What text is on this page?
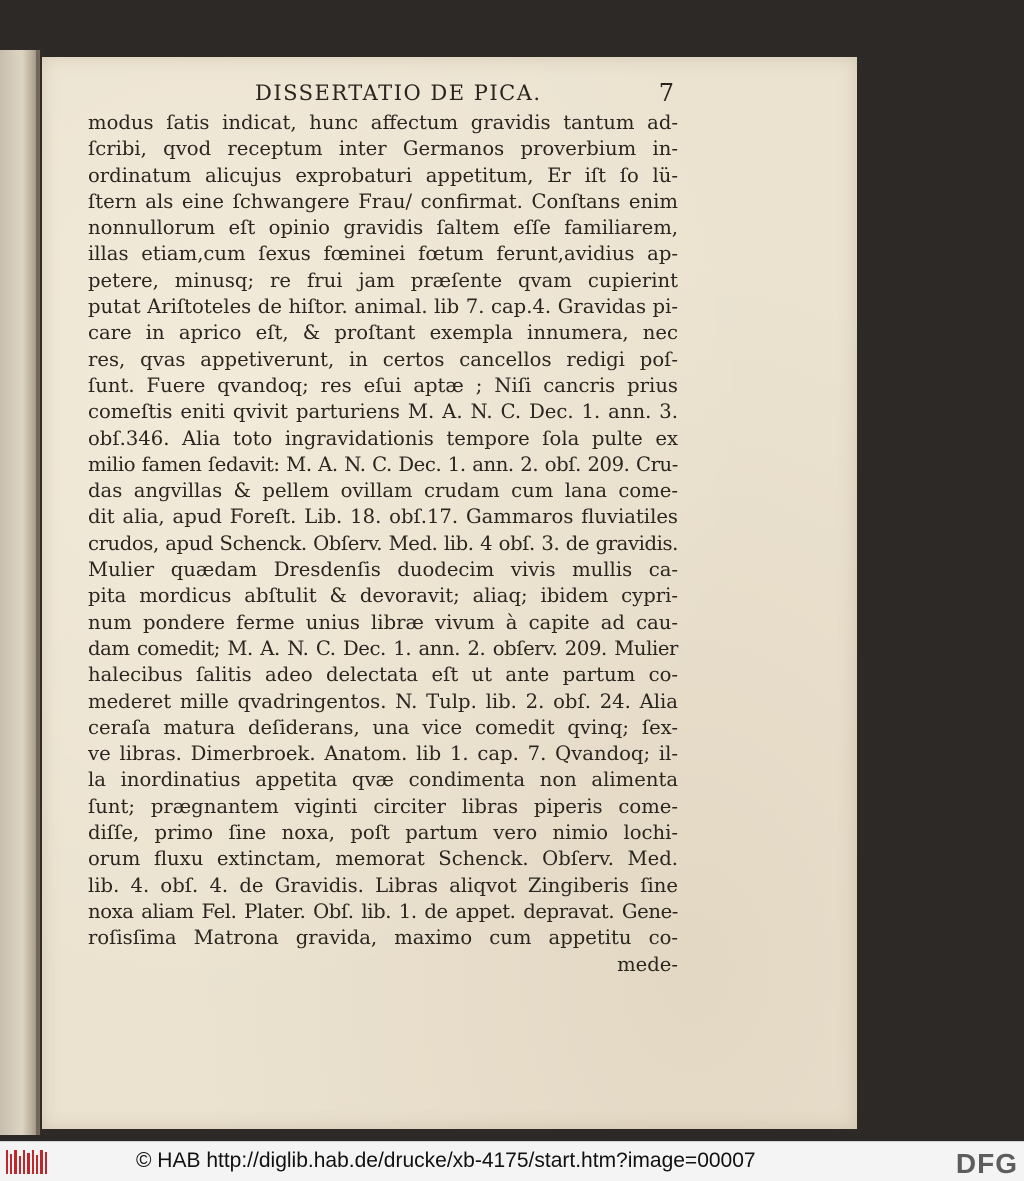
DISSERTATIO DE PICA.	7
modus ſatis indicat, hunc affectum gravidis tantum ad-
ſcribi, qvod receptum inter Germanos proverbium in-
ordinatum alicujus exprobaturi appetitum, Er iſt ſo lü-
ſtern als eine ſchwangere Frau/ confirmat. Conſtans enim
nonnullorum eſt opinio gravidis ſaltem eſſe familiarem,
illas etiam,cum ſexus fœminei fœtum ferunt,avidius ap-
petere, minusq; re frui jam præſente qvam cupierint
putat Ariſtoteles de hiſtor. animal. lib 7. cap.4. Gravidas pi-
care in aprico eſt, & proſtant exempla innumera, nec
res, qvas appetiverunt, in certos cancellos redigi poſ-
ſunt. Fuere qvandoq; res eſui aptæ ; Niſi cancris prius
comeſtis eniti qvivit parturiens M. A. N. C. Dec. 1. ann. 3.
obſ.346. Alia toto ingravidationis tempore ſola pulte ex
milio famen ſedavit: M. A. N. C. Dec. 1. ann. 2. obſ. 209. Cru-
das angvillas & pellem ovillam crudam cum lana come-
dit alia, apud Foreſt. Lib. 18. obſ.17. Gammaros fluviatiles
crudos, apud Schenck. Obſerv. Med. lib. 4 obſ. 3. de gravidis.
Mulier quædam Dresdenſis duodecim vivis mullis ca-
pita mordicus abſtulit & devoravit; aliaq; ibidem cypri-
num pondere ferme unius libræ vivum à capite ad cau-
dam comedit; M. A. N. C. Dec. 1. ann. 2. obſerv. 209. Mulier
halecibus ſalitis adeo delectata eſt ut ante partum co-
mederet mille qvadringentos. N. Tulp. lib. 2. obſ. 24. Alia
ceraſa matura deſiderans, una vice comedit qvinq; ſex-
ve libras. Dimerbroek. Anatom. lib 1. cap. 7. Qvandoq; il-
la inordinatius appetita qvæ condimenta non alimenta
ſunt; prægnantem viginti circiter libras piperis come-
diſſe, primo ſine noxa, poſt partum vero nimio lochi-
orum fluxu extinctam, memorat Schenck. Obſerv. Med.
lib. 4. obſ. 4. de Gravidis. Libras aliqvot Zingiberis ſine
noxa aliam Fel. Plater. Obſ. lib. 1. de appet. depravat. Gene-
roſisſima Matrona gravida, maximo cum appetitu co-
mede-
© HAB http://diglib.hab.de/drucke/xb-4175/start.htm?image=00007	DFG
